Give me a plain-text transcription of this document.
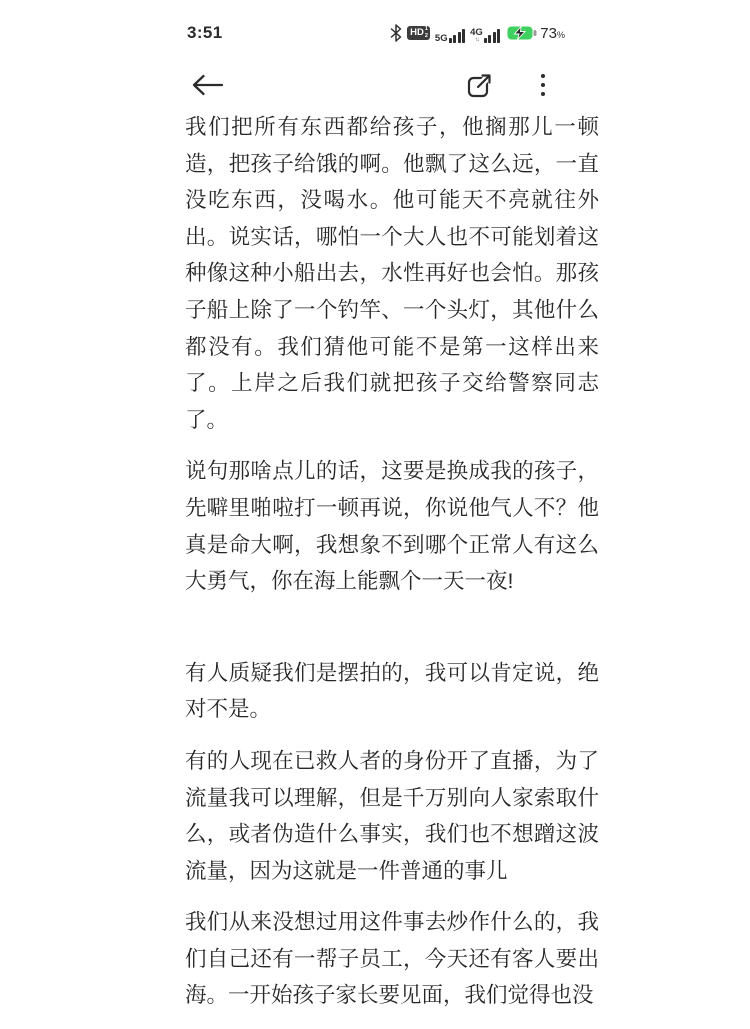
3:51	HD 1
2 5G
4G
↑↓	73%

我们把所有东西都给孩子，他搁那儿一顿造，把孩子给饿的啊。他飘了这么远，一直没吃东西，没喝水。他可能天不亮就往外出。说实话，哪怕一个大人也不可能划着这种像这种小船出去，水性再好也会怕。那孩子船上除了一个钓竿、一个头灯，其他什么都没有。我们猜他可能不是第一这样出来了。上岸之后我们就把孩子交给警察同志了。

说句那啥点儿的话，这要是换成我的孩子，先噼里啪啦打一顿再说，你说他气人不？他真是命大啊，我想象不到哪个正常人有这么大勇气，你在海上能飘个一天一夜!

有人质疑我们是摆拍的，我可以肯定说，绝对不是。

有的人现在已救人者的身份开了直播，为了流量我可以理解，但是千万别向人家索取什么，或者伪造什么事实，我们也不想蹭这波流量，因为这就是一件普通的事儿

我们从来没想过用这件事去炒作什么的，我们自己还有一帮子员工，今天还有客人要出海。一开始孩子家长要见面，我们觉得也没
